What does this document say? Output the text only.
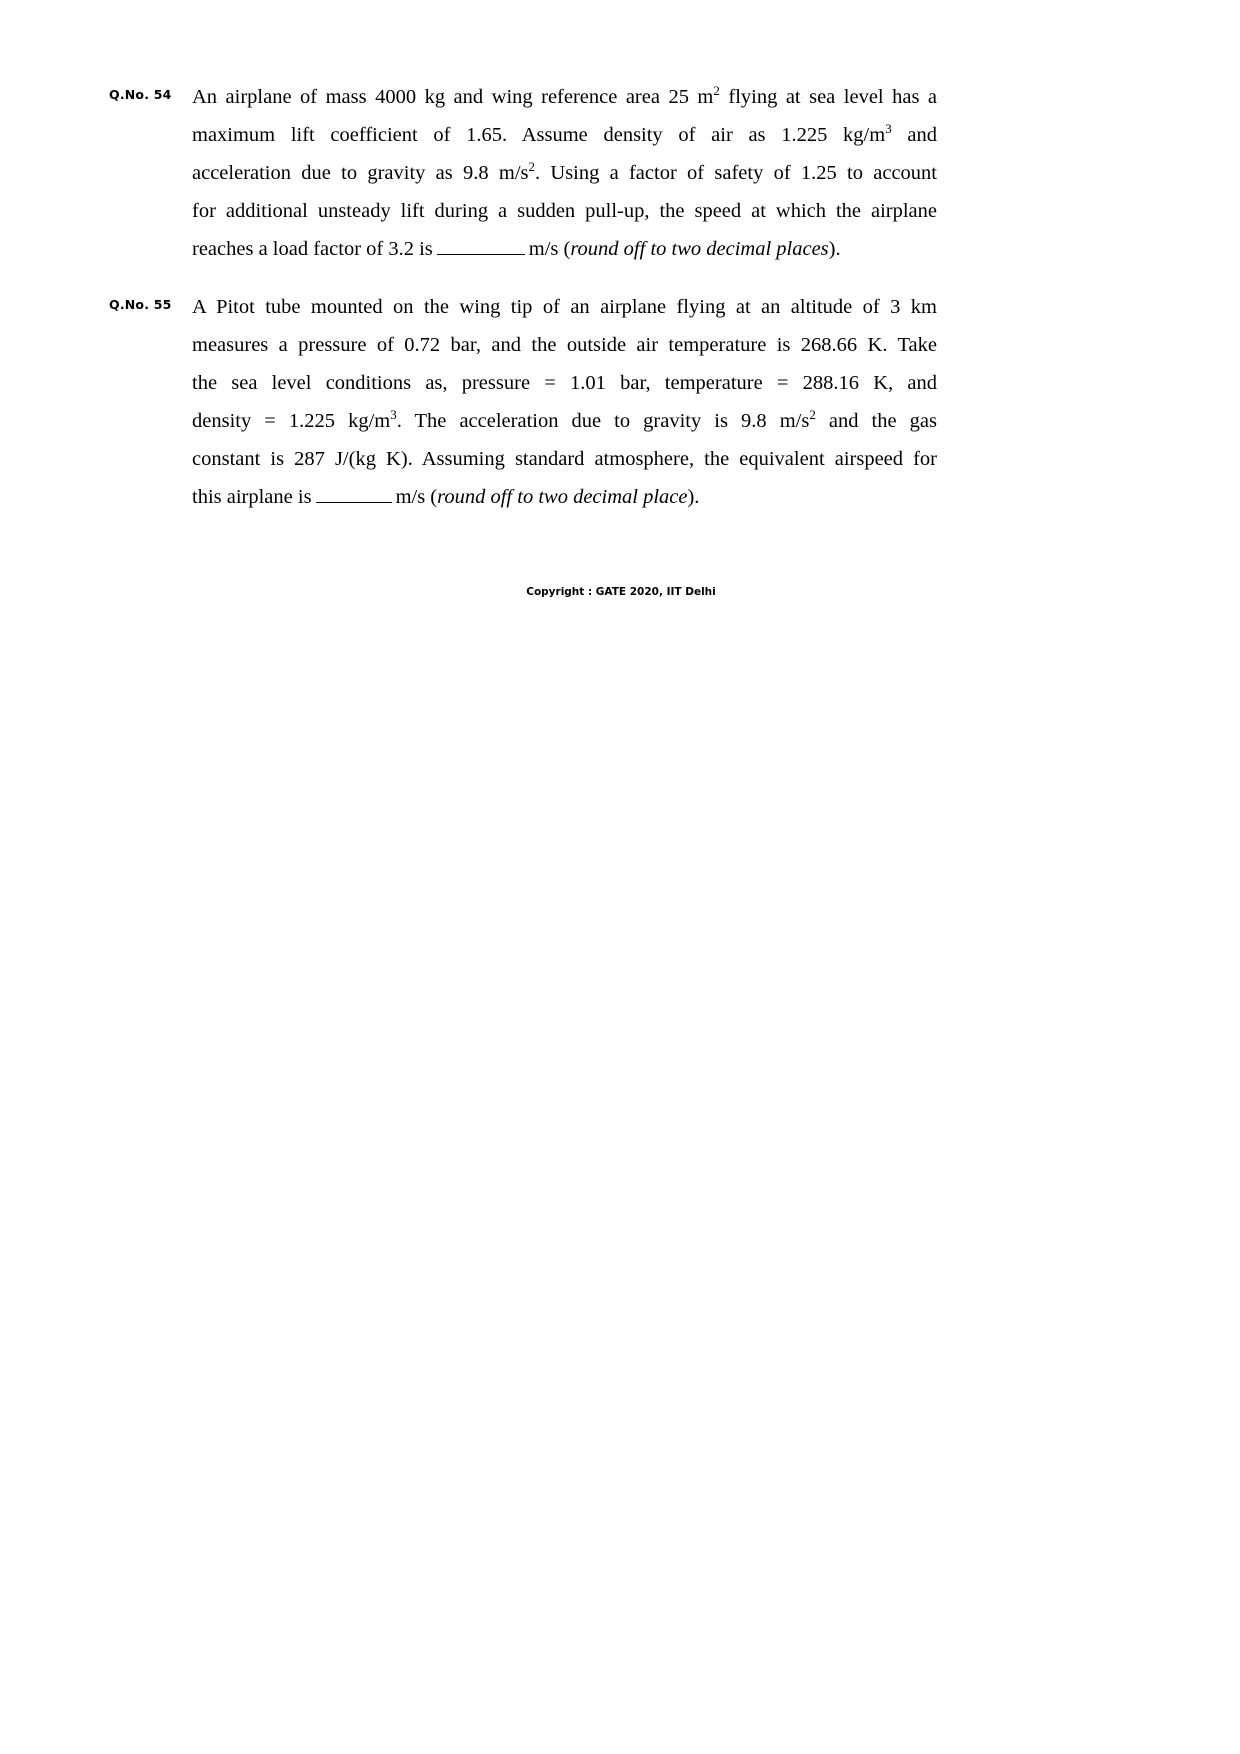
Q.No. 54 An airplane of mass 4000 kg and wing reference area 25 $m^2$ flying at sea level has a
maximum lift coefficient of 1.65. Assume density of air as 1.225 $kg/m^3$ and
acceleration due to gravity as 9.8 $m/s^2$. Using a factor of safety of 1.25 to account
for additional unsteady lift during a sudden pull-up, the speed at which the airplane
reaches a load factor of 3.2 is	m/s (round off to two decimal places).
Q.No. 55 A Pitot tube mounted on the wing tip of an airplane flying at an altitude of 3 km
measures a pressure of 0.72 bar, and the outside air temperature is 268.66 K. Take
the sea level conditions as, pressure = 1.01 bar, temperature = 288.16 K, and
density = 1.225 $kg/m^3$. The acceleration due to gravity is 9.8 $m/s^2$ and the gas
constant is 287 J/(kg K). Assuming standard atmosphere, the equivalent airspeed for
this airplane is	m/s (round off to two decimal place).
Copyright : GATE 2020, IIT Delhi
